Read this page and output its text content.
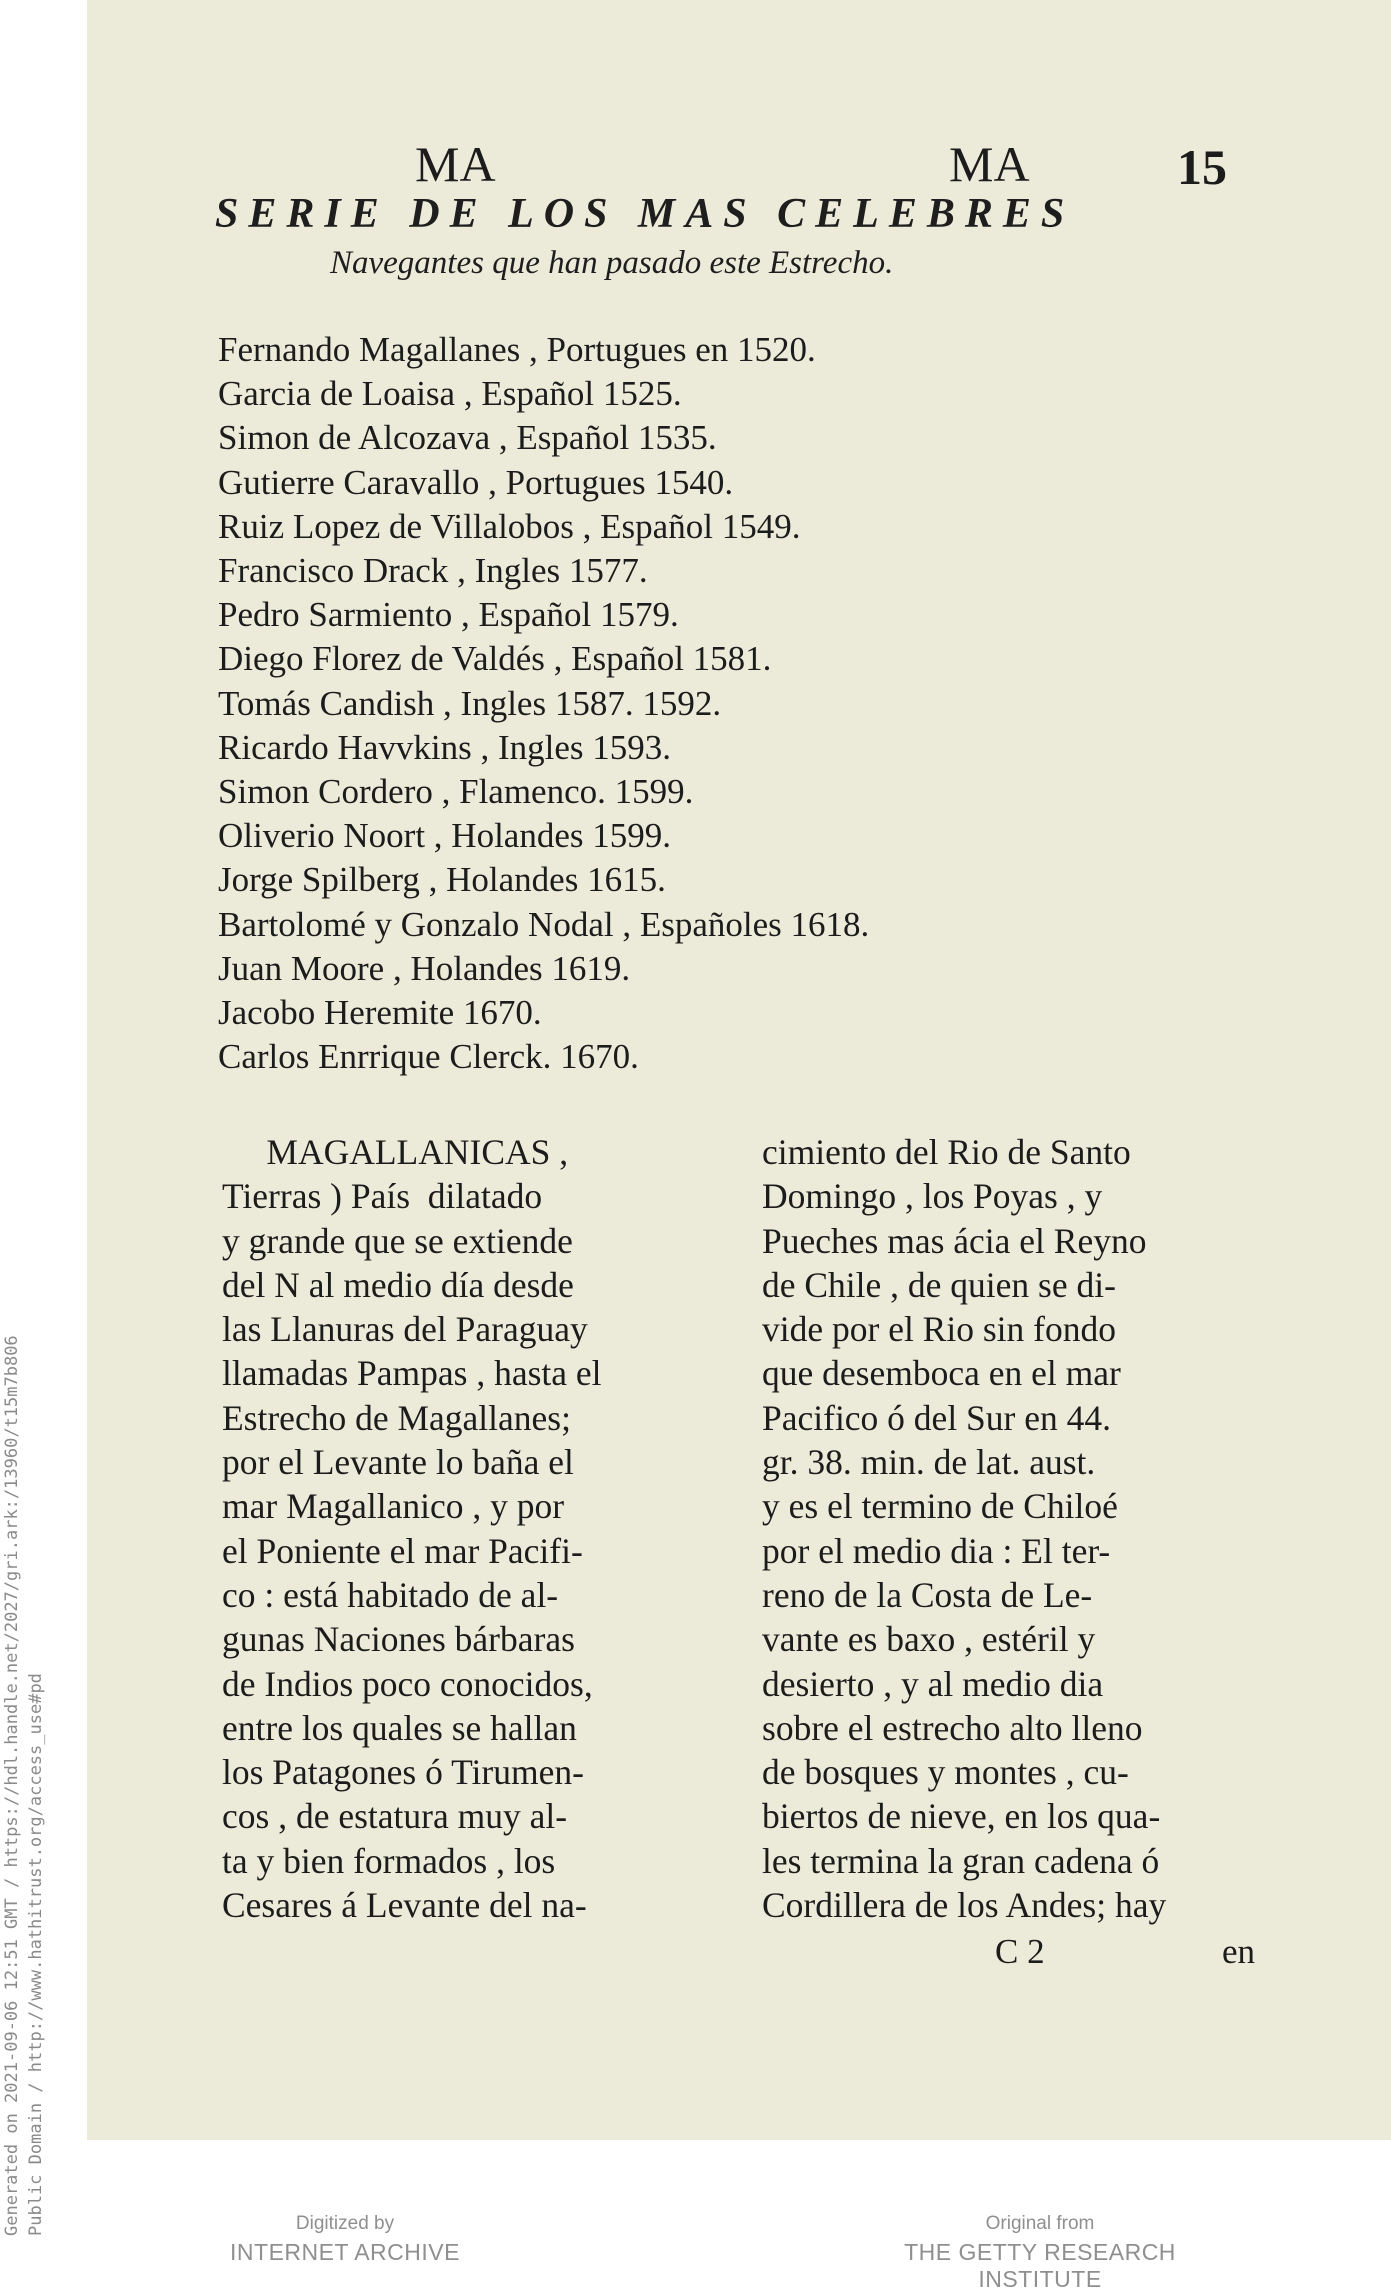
Generated on 2021-09-06 12:51 GMT / https://hdl.handle.net/2027/gri.ark:/13960/t15m7b806 Public Domain / http://www.hathitrust.org/access_use#pd
MA	MA	15
SERIE DE LOS MAS CELEBRES
Navegantes que han pasado este Estrecho.
Fernando Magallanes , Portugues en 1520.
Garcia de Loaisa , Español 1525.
Simon de Alcozava , Español 1535.
Gutierre Caravallo , Portugues 1540.
Ruiz Lopez de Villalobos , Español 1549.
Francisco Drack , Ingles 1577.
Pedro Sarmiento , Español 1579.
Diego Florez de Valdés , Español 1581.
Tomás Candish , Ingles 1587. 1592.
Ricardo Havvkins , Ingles 1593.
Simon Cordero , Flamenco. 1599.
Oliverio Noort , Holandes 1599.
Jorge Spilberg , Holandes 1615.
Bartolomé y Gonzalo Nodal , Españoles 1618.
Juan Moore , Holandes 1619.
Jacobo Heremite 1670.
Carlos Enrrique Clerck. 1670.
MAGALLANICAS ,
Tierras ) País  dilatado
y grande que se extiende
del N al medio día desde
las Llanuras del Paraguay
llamadas Pampas , hasta el
Estrecho de Magallanes;
por el Levante lo baña el
mar Magallanico , y por
el Poniente el mar Pacifi-
co : está habitado de al-
gunas Naciones bárbaras
de Indios poco conocidos,
entre los quales se hallan
los Patagones ó Tirumen-
cos , de estatura muy al-
ta y bien formados , los
Cesares á Levante del na-
cimiento del Rio de Santo
Domingo , los Poyas , y
Pueches mas ácia el Reyno
de Chile , de quien se di-
vide por el Rio sin fondo
que desemboca en el mar
Pacifico ó del Sur en 44.
gr. 38. min. de lat. aust.
y es el termino de Chiloé
por el medio dia : El ter-
reno de la Costa de Le-
vante es baxo , estéril y
desierto , y al medio dia
sobre el estrecho alto lleno
de bosques y montes , cu-
biertos de nieve, en los qua-
les termina la gran cadena ó
Cordillera de los Andes; hay
C 2	en
Digitized by
INTERNET ARCHIVE
Original from
THE GETTY RESEARCH INSTITUTE
